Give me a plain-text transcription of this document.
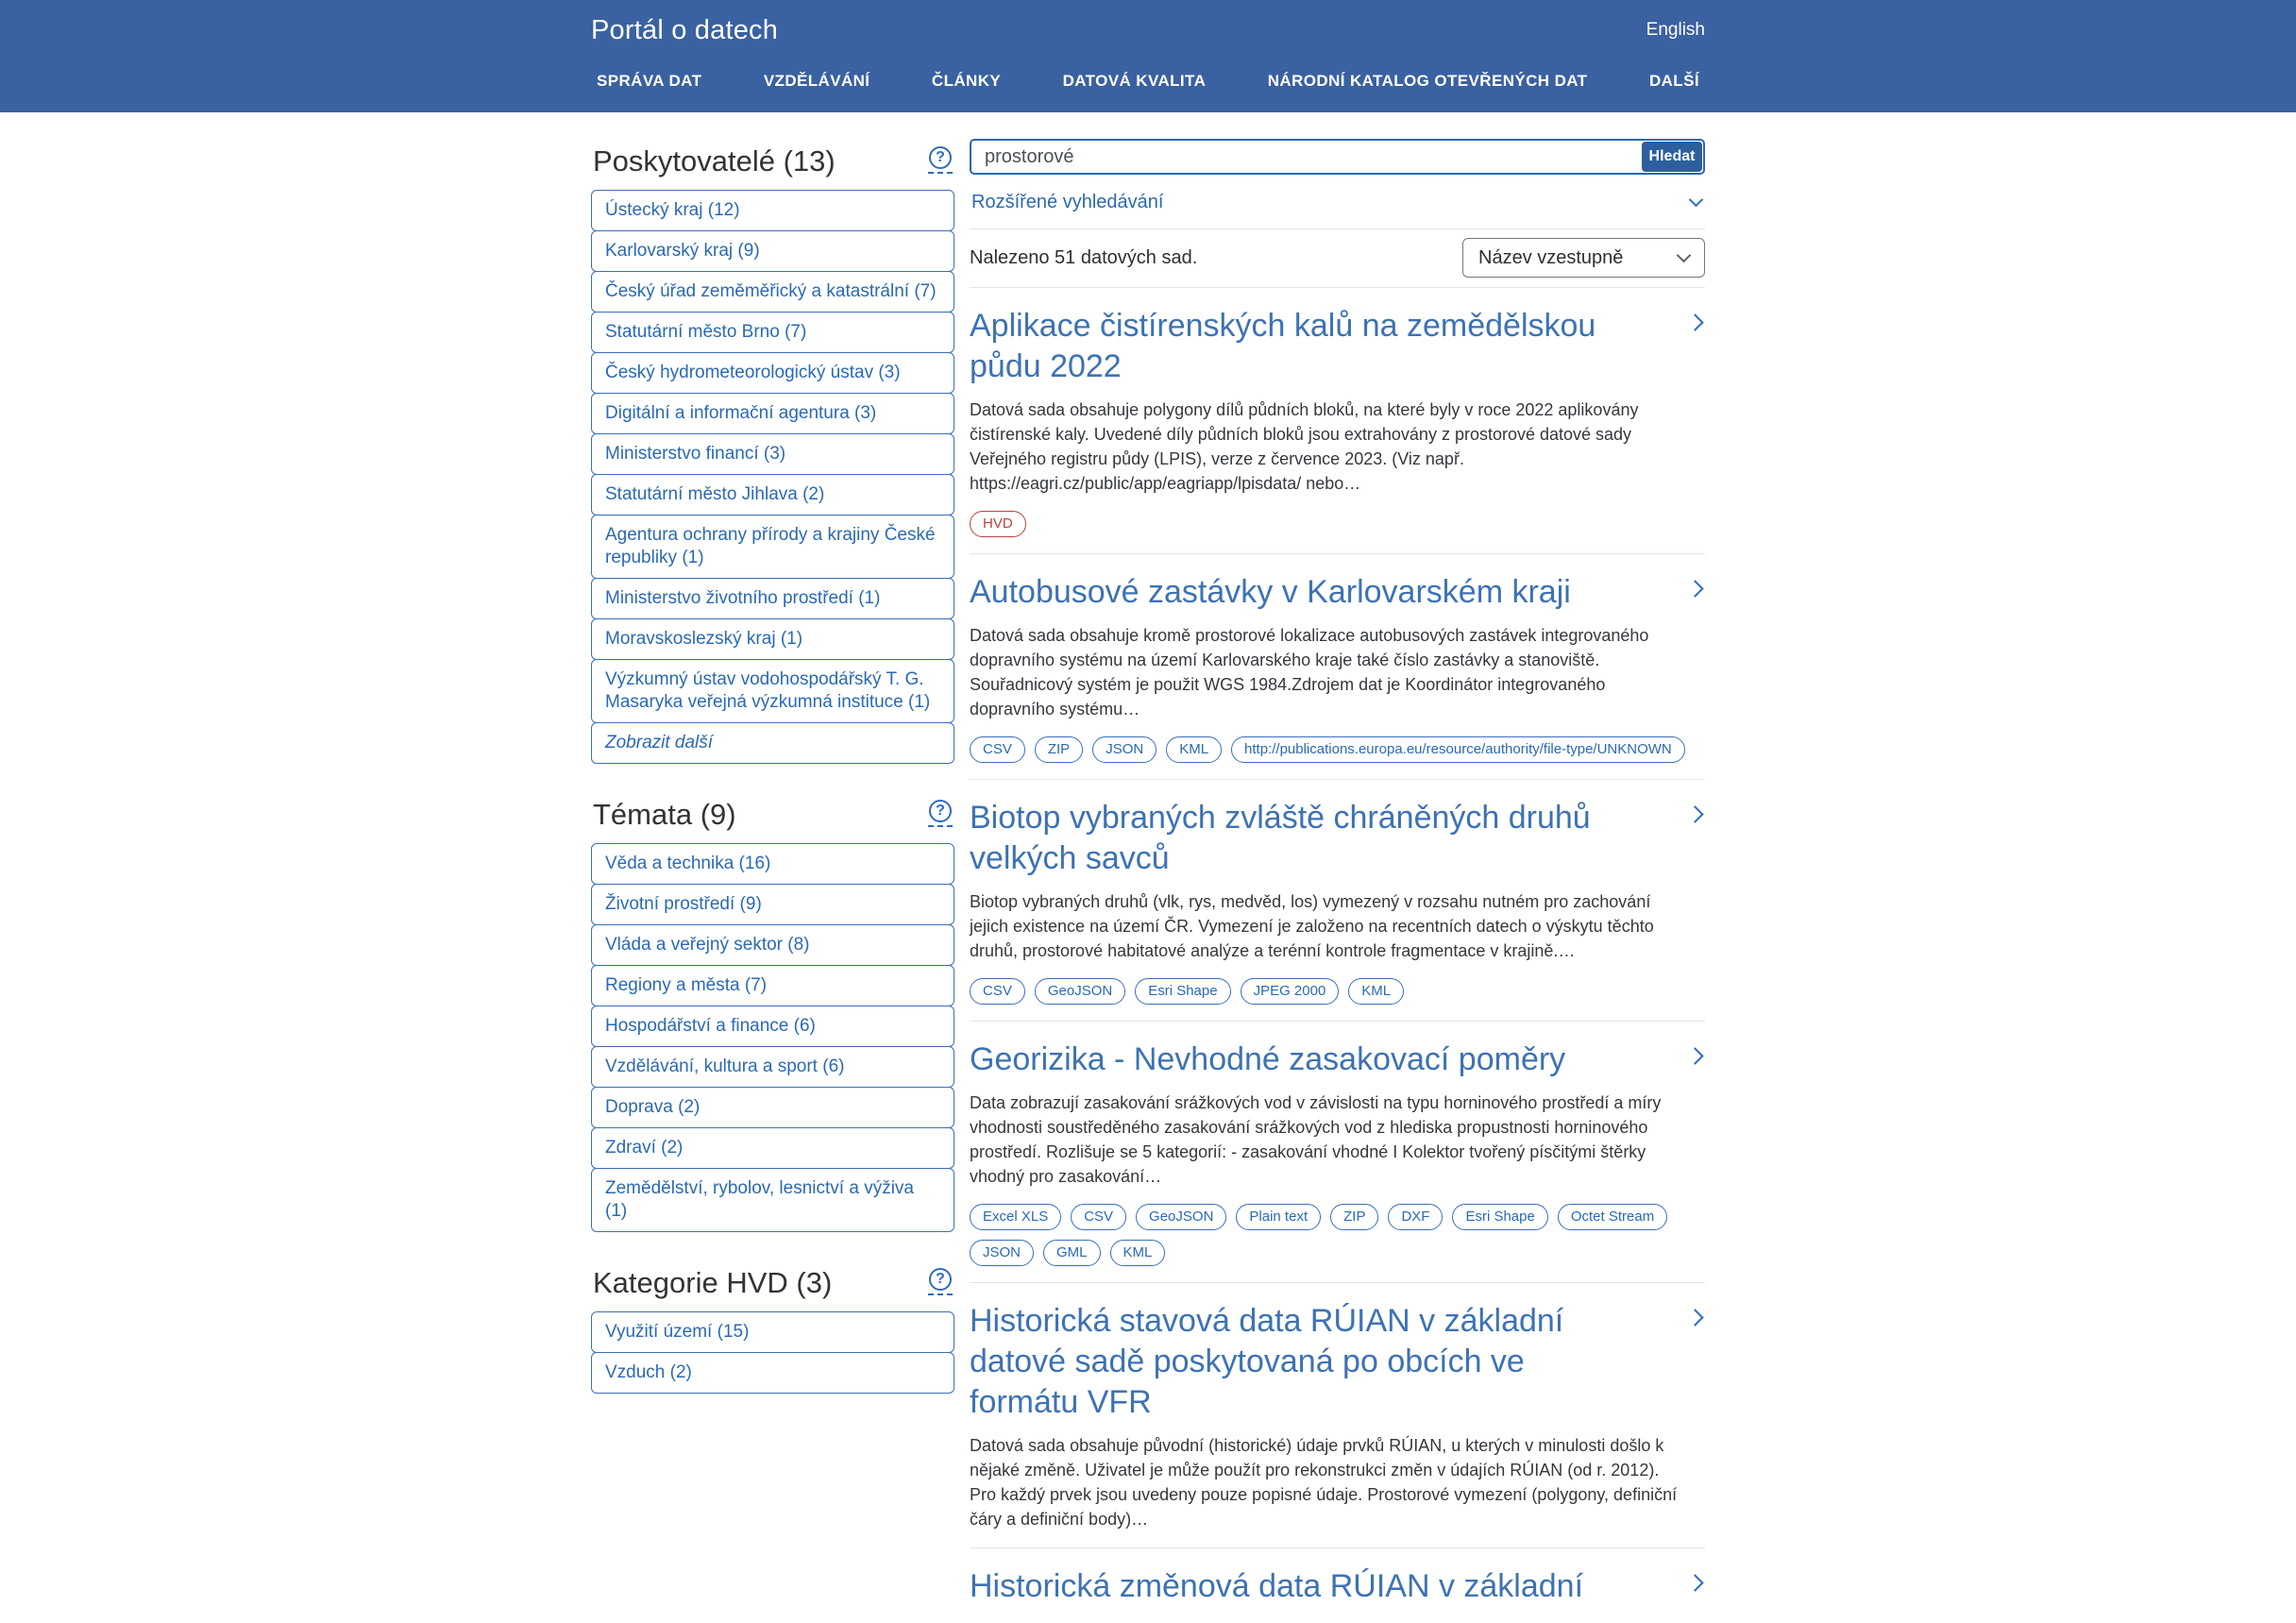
Portál o datech	English
SPRÁVA DAT	VZDĚLÁVÁNÍ	ČLÁNKY	DATOVÁ KVALITA	NÁRODNÍ KATALOG OTEVŘENÝCH DAT	DALŠÍ
Poskytovatelé (13)	?
Ústecký kraj (12)
Karlovarský kraj (9)
Český úřad zeměměřický a katastrální (7)
Statutární město Brno (7)
Český hydrometeorologický ústav (3)
Digitální a informační agentura (3)
Ministerstvo financí (3)
Statutární město Jihlava (2)
Agentura ochrany přírody a krajiny České republiky (1)
Ministerstvo životního prostředí (1)
Moravskoslezský kraj (1)
Výzkumný ústav vodohospodářský T. G. Masaryka veřejná výzkumná instituce (1)
Zobrazit další
Témata (9)	?
Věda a technika (16)
Životní prostředí (9)
Vláda a veřejný sektor (8)
Regiony a města (7)
Hospodářství a finance (6)
Vzdělávání, kultura a sport (6)
Doprava (2)
Zdraví (2)
Zemědělství, rybolov, lesnictví a výživa (1)
Kategorie HVD (3)	?
Využití území (15)
Vzduch (2)
prostorové
Hledat
Rozšířené vyhledávání
Nalezeno 51 datových sad.	Název vzestupně
Aplikace čistírenských kalů na zemědělskou půdu 2022
Datová sada obsahuje polygony dílů půdních bloků, na které byly v roce 2022 aplikovány čistírenské kaly. Uvedené díly půdních bloků jsou extrahovány z prostorové datové sady Veřejného registru půdy (LPIS), verze z července 2023. (Viz např. https://eagri.cz/public/app/eagriapp/lpisdata/ nebo…
HVD
Autobusové zastávky v Karlovarském kraji
Datová sada obsahuje kromě prostorové lokalizace autobusových zastávek integrovaného dopravního systému na území Karlovarského kraje také číslo zastávky a stanoviště. Souřadnicový systém je použit WGS 1984.Zdrojem dat je Koordinátor integrovaného dopravního systému…
CSV	ZIP	JSON	KML	http://publications.europa.eu/resource/authority/file-type/UNKNOWN
Biotop vybraných zvláště chráněných druhů velkých savců
Biotop vybraných druhů (vlk, rys, medvěd, los) vymezený v rozsahu nutném pro zachování jejich existence na území ČR. Vymezení je založeno na recentních datech o výskytu těchto druhů, prostorové habitatové analýze a terénní kontrole fragmentace v krajině.…
CSV	GeoJSON	Esri Shape	JPEG 2000	KML
Georizika - Nevhodné zasakovací poměry
Data zobrazují zasakování srážkových vod v závislosti na typu horninového prostředí a míry vhodnosti soustředěného zasakování srážkových vod z hlediska propustnosti horninového prostředí. Rozlišuje se 5 kategorií: - zasakování vhodné I Kolektor tvořený písčitými štěrky vhodný pro zasakování…
Excel XLS	CSV	GeoJSON	Plain text	ZIP	DXF	Esri Shape	Octet Stream
JSON	GML	KML
Historická stavová data RÚIAN v základní datové sadě poskytovaná po obcích ve formátu VFR
Datová sada obsahuje původní (historické) údaje prvků RÚIAN, u kterých v minulosti došlo k nějaké změně. Uživatel je může použít pro rekonstrukci změn v údajích RÚIAN (od r. 2012). Pro každý prvek jsou uvedeny pouze popisné údaje. Prostorové vymezení (polygony, definiční čáry a definiční body)…
Historická změnová data RÚIAN v základní
